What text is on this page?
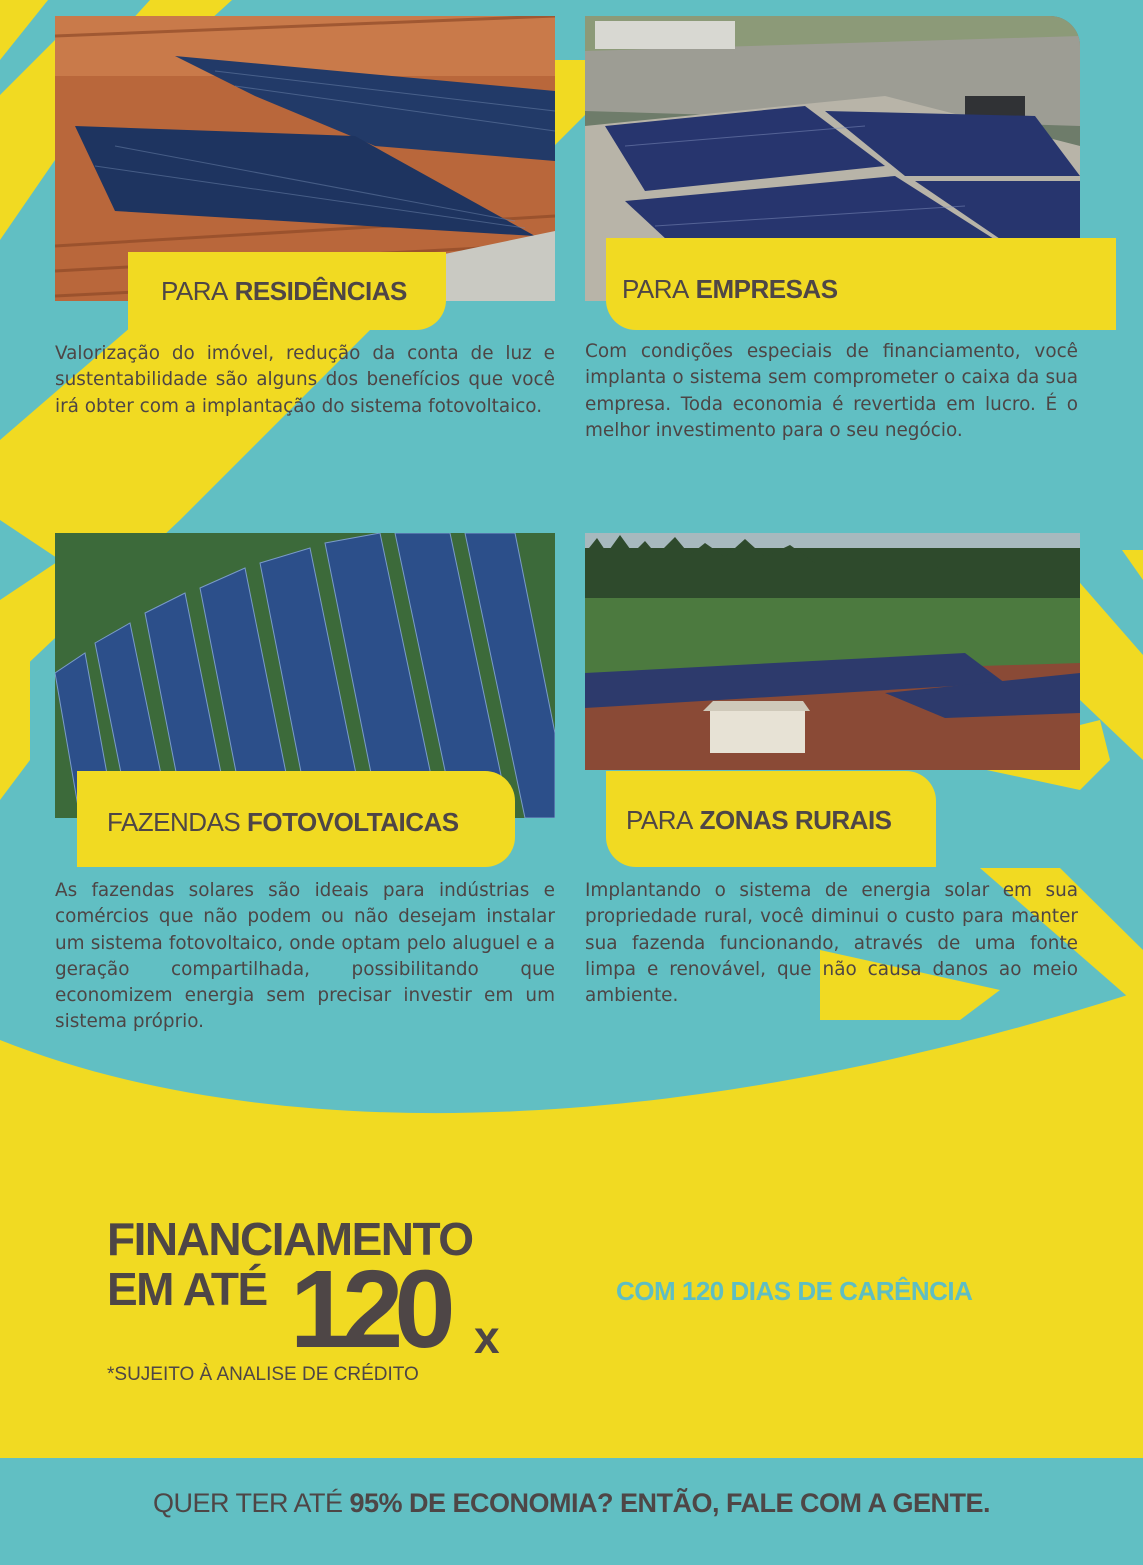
PARA
RESIDÊNCIAS

Valorização do imóvel, redução da conta de luz e sustentabilidade são alguns dos benefícios que você irá obter com a implantação do sistema fotovoltaico.

PARA
EMPRESAS

Com condições especiais de financiamento, você implanta o sistema sem comprometer o caixa da sua empresa. Toda economia é revertida em lucro. É o melhor investimento para o seu negócio.

FAZENDAS
FOTOVOLTAICAS

As fazendas solares são ideais para indústrias e comércios que não podem ou não desejam instalar um sistema fotovoltaico, onde optam pelo aluguel e a geração compartilhada, possibilitando que economizem energia sem precisar investir em um sistema próprio.

PARA
ZONAS RURAIS

Implantando o sistema de energia solar em sua propriedade rural, você diminui o custo para manter sua fazenda funcionando, através de uma fonte limpa e renovável, que não causa danos ao meio ambiente.

FINANCIAMENTO
EM ATÉ 120 x
*SUJEITO À ANALISE DE CRÉDITO
COM 120 DIAS DE CARÊNCIA
QUER TER ATÉ 95% DE ECONOMIA? ENTÃO, FALE COM A GENTE.
